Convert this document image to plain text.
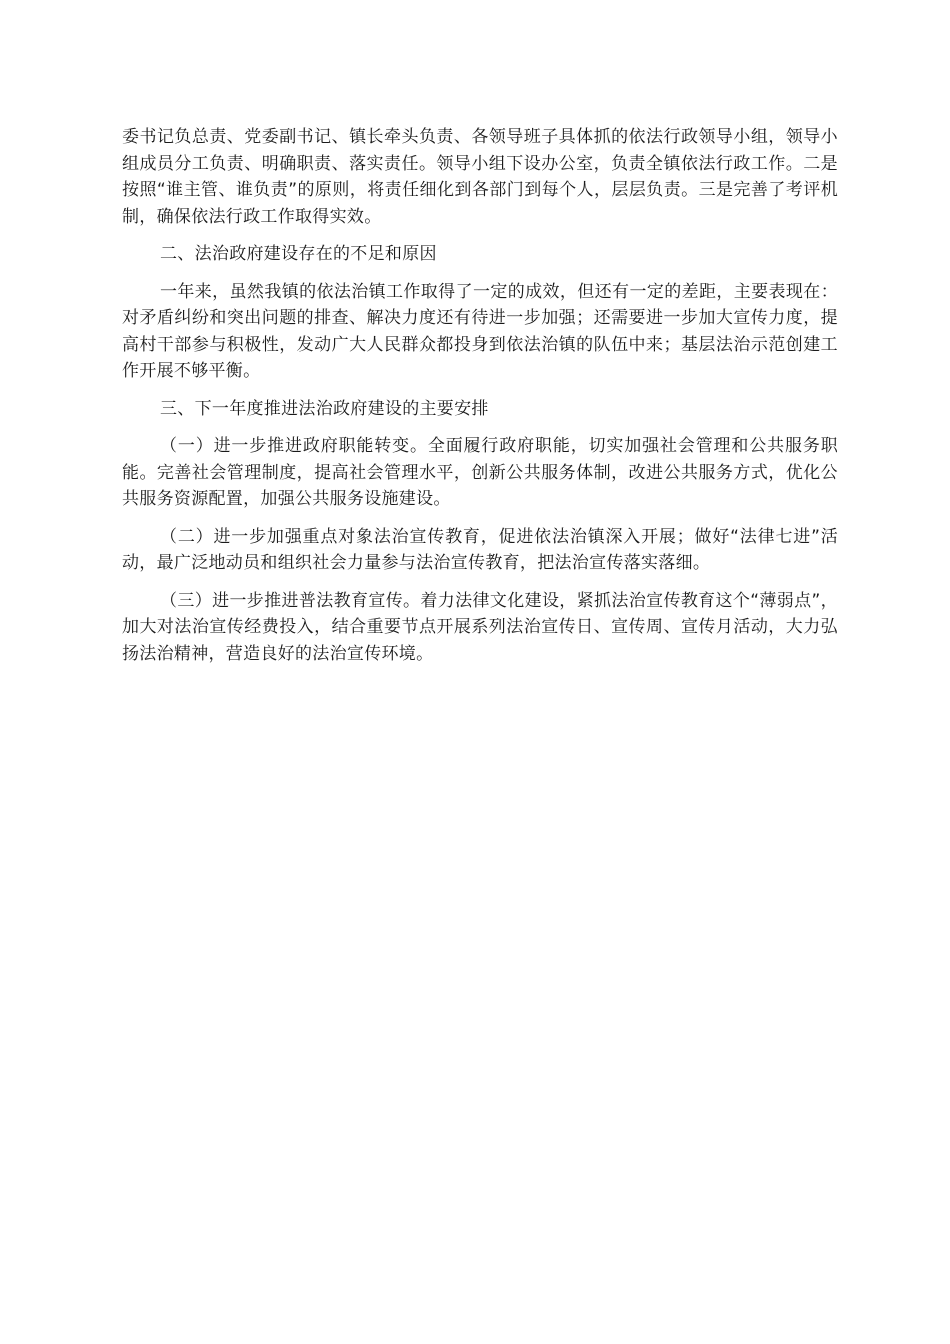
委书记负总责、党委副书记、镇长牵头负责、各领导班子具体抓的依法行政领导小组，领导小组成员分工负责、明确职责、落实责任。领导小组下设办公室，负责全镇依法行政工作。二是按照“谁主管、谁负责”的原则，将责任细化到各部门到每个人，层层负责。三是完善了考评机制，确保依法行政工作取得实效。

二、法治政府建设存在的不足和原因

一年来，虽然我镇的依法治镇工作取得了一定的成效，但还有一定的差距，主要表现在：对矛盾纠纷和突出问题的排查、解决力度还有待进一步加强；还需要进一步加大宣传力度，提高村干部参与积极性，发动广大人民群众都投身到依法治镇的队伍中来；基层法治示范创建工作开展不够平衡。

三、下一年度推进法治政府建设的主要安排

（一）进一步推进政府职能转变。全面履行政府职能，切实加强社会管理和公共服务职能。完善社会管理制度，提高社会管理水平，创新公共服务体制，改进公共服务方式，优化公共服务资源配置，加强公共服务设施建设。

（二）进一步加强重点对象法治宣传教育，促进依法治镇深入开展；做好“法律七进”活动，最广泛地动员和组织社会力量参与法治宣传教育，把法治宣传落实落细。

（三）进一步推进普法教育宣传。着力法律文化建设，紧抓法治宣传教育这个“薄弱点”，加大对法治宣传经费投入，结合重要节点开展系列法治宣传日、宣传周、宣传月活动，大力弘扬法治精神，营造良好的法治宣传环境。
